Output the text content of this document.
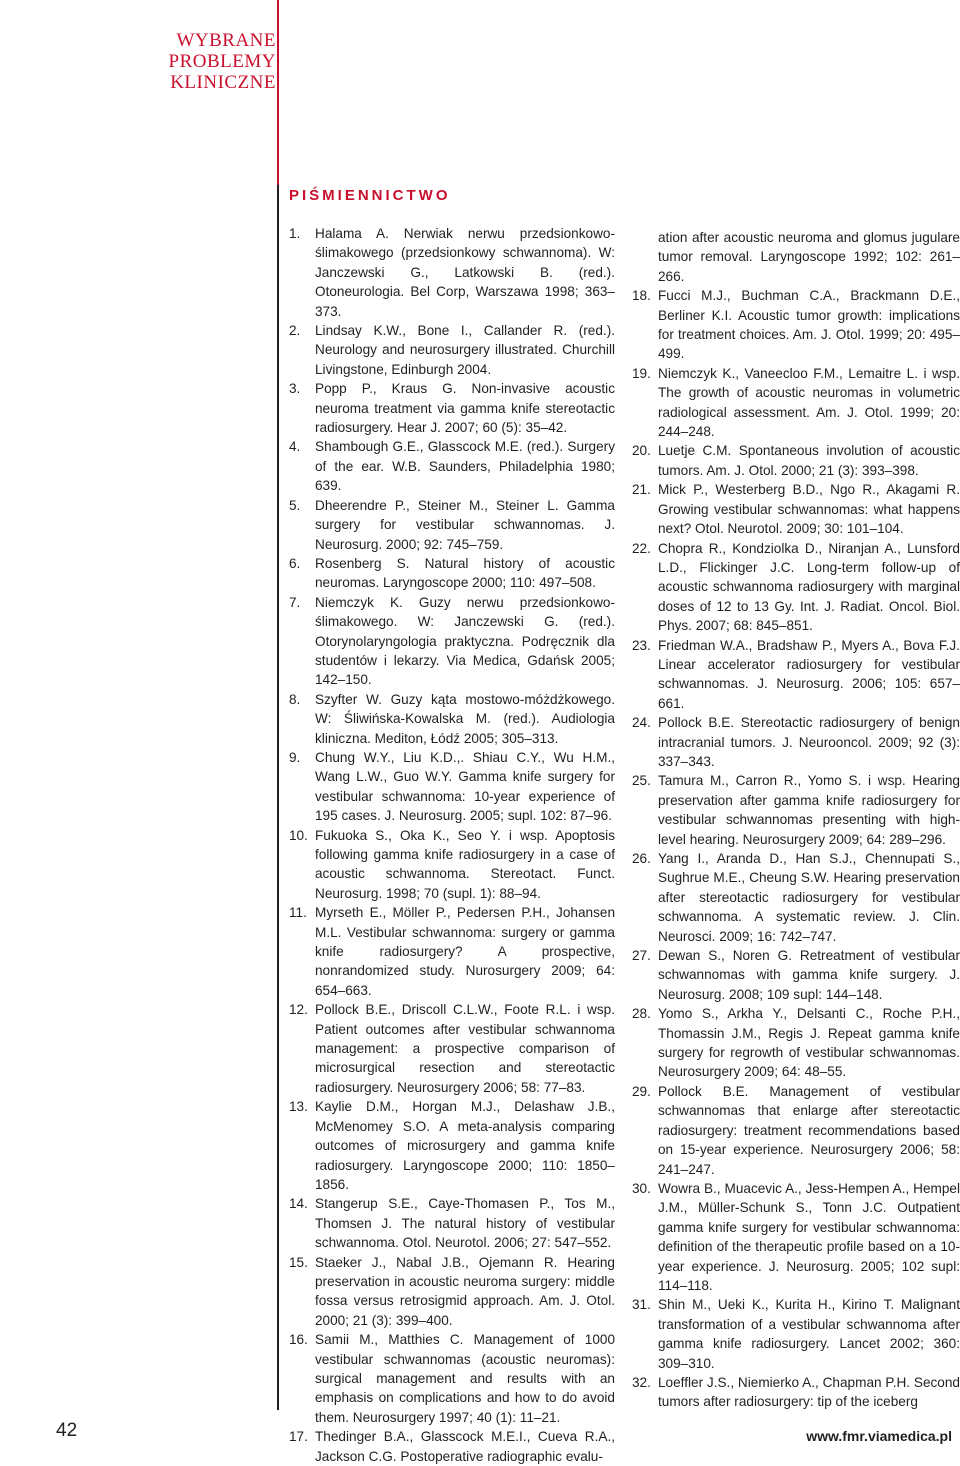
WYBRANE
PROBLEMY
KLINICZNE
PIŚMIENNICTWO
1.	Halama A. Nerwiak nerwu przedsionkowo-ślimakowego (przedsionkowy schwannoma). W: Janczewski G., Latkowski B. (red.). Otoneurologia. Bel Corp, Warszawa 1998; 363–373.
2.	Lindsay K.W., Bone I., Callander R. (red.). Neurology and neurosurgery illustrated. Churchill Livingstone, Edinburgh 2004.
3.	Popp P., Kraus G. Non-invasive acoustic neuroma treatment via gamma knife stereotactic radiosurgery. Hear J. 2007; 60 (5): 35–42.
4.	Shambough G.E., Glasscock M.E. (red.). Surgery of the ear. W.B. Saunders, Philadelphia 1980; 639.
5.	Dheerendre P., Steiner M., Steiner L. Gamma surgery for vestibular schwannomas. J. Neurosurg. 2000; 92: 745–759.
6.	Rosenberg S. Natural history of acoustic neuromas. Laryngoscope 2000; 110: 497–508.
7.	Niemczyk K. Guzy nerwu przedsionkowo-ślimakowego. W: Janczewski G. (red.). Otorynolaryngologia praktyczna. Podręcznik dla studentów i lekarzy. Via Medica, Gdańsk 2005; 142–150.
8.	Szyfter W. Guzy kąta mostowo-móżdżkowego. W: Śliwińska-Kowalska M. (red.). Audiologia kliniczna. Mediton, Łódź 2005; 305–313.
9.	Chung W.Y., Liu K.D.,. Shiau C.Y., Wu H.M., Wang L.W., Guo W.Y. Gamma knife surgery for vestibular schwannoma: 10-year experience of 195 cases. J. Neurosurg. 2005; supl. 102: 87–96.
10. Fukuoka S., Oka K., Seo Y. i wsp. Apoptosis following gamma knife radiosurgery in a case of acoustic schwannoma. Stereotact. Funct. Neurosurg. 1998; 70 (supl. 1): 88–94.
11. Myrseth E., Möller P., Pedersen P.H., Johansen M.L. Vestibular schwannoma: surgery or gamma knife radiosurgery? A prospective, nonrandomized study. Nurosurgery 2009; 64: 654–663.
12. Pollock B.E., Driscoll C.L.W., Foote R.L. i wsp. Patient outcomes after vestibular schwannoma management: a prospective comparison of microsurgical resection and stereotactic radiosurgery. Neurosurgery 2006; 58: 77–83.
13. Kaylie D.M., Horgan M.J., Delashaw J.B., McMenomey S.O. A meta-analysis comparing outcomes of microsurgery and gamma knife radiosurgery. Laryngoscope 2000; 110: 1850–1856.
14. Stangerup S.E., Caye-Thomasen P., Tos M., Thomsen J. The natural history of vestibular schwannoma. Otol. Neurotol. 2006; 27: 547–552.
15. Staeker J., Nabal J.B., Ojemann R. Hearing preservation in acoustic neuroma surgery: middle fossa versus retrosigmid approach. Am. J. Otol. 2000; 21 (3): 399–400.
16. Samii M., Matthies C. Management of 1000 vestibular schwannomas (acoustic neuromas): surgical management and results with an emphasis on complications and how to do avoid them. Neurosurgery 1997; 40 (1): 11–21.
17. Thedinger B.A., Glasscock M.E.I., Cueva R.A., Jackson C.G. Postoperative radiographic evalu-
ation after acoustic neuroma and glomus jugulare tumor removal. Laryngoscope 1992; 102: 261–266.
18. Fucci M.J., Buchman C.A., Brackmann D.E., Berliner K.I. Acoustic tumor growth: implications for treatment choices. Am. J. Otol. 1999; 20: 495–499.
19. Niemczyk K., Vaneecloo F.M., Lemaitre L. i wsp. The growth of acoustic neuromas in volumetric radiological assessment. Am. J. Otol. 1999; 20: 244–248.
20. Luetje C.M. Spontaneous involution of acoustic tumors. Am. J. Otol. 2000; 21 (3): 393–398.
21. Mick P., Westerberg B.D., Ngo R., Akagami R. Growing vestibular schwannomas: what happens next? Otol. Neurotol. 2009; 30: 101–104.
22. Chopra R., Kondziolka D., Niranjan A., Lunsford L.D., Flickinger J.C. Long-term follow-up of acoustic schwannoma radiosurgery with marginal doses of 12 to 13 Gy. Int. J. Radiat. Oncol. Biol. Phys. 2007; 68: 845–851.
23. Friedman W.A., Bradshaw P., Myers A., Bova F.J. Linear accelerator radiosurgery for vestibular schwannomas. J. Neurosurg. 2006; 105: 657–661.
24. Pollock B.E. Stereotactic radiosurgery of benign intracranial tumors. J. Neurooncol. 2009; 92 (3): 337–343.
25. Tamura M., Carron R., Yomo S. i wsp. Hearing preservation after gamma knife radiosurgery for vestibular schwannomas presenting with high-level hearing. Neurosurgery 2009; 64: 289–296.
26. Yang I., Aranda D., Han S.J., Chennupati S., Sughrue M.E., Cheung S.W. Hearing preservation after stereotactic radiosurgery for vestibular schwannoma. A systematic review. J. Clin. Neurosci. 2009; 16: 742–747.
27. Dewan S., Noren G. Retreatment of vestibular schwannomas with gamma knife surgery. J. Neurosurg. 2008; 109 supl: 144–148.
28. Yomo S., Arkha Y., Delsanti C., Roche P.H., Thomassin J.M., Regis J. Repeat gamma knife surgery for regrowth of vestibular schwannomas. Neurosurgery 2009; 64: 48–55.
29. Pollock B.E. Management of vestibular schwannomas that enlarge after stereotactic radiosurgery: treatment recommendations based on 15-year experience. Neurosurgery 2006; 58: 241–247.
30. Wowra B., Muacevic A., Jess-Hempen A., Hempel J.M., Müller-Schunk S., Tonn J.C. Outpatient gamma knife surgery for vestibular schwannoma: definition of the therapeutic profile based on a 10-year experience. J. Neurosurg. 2005; 102 supl: 114–118.
31. Shin M., Ueki K., Kurita H., Kirino T. Malignant transformation of a vestibular schwannoma after gamma knife radiosurgery. Lancet 2002; 360: 309–310.
32. Loeffler J.S., Niemierko A., Chapman P.H. Second tumors after radiosurgery: tip of the iceberg
42	www.fmr.viamedica.pl
